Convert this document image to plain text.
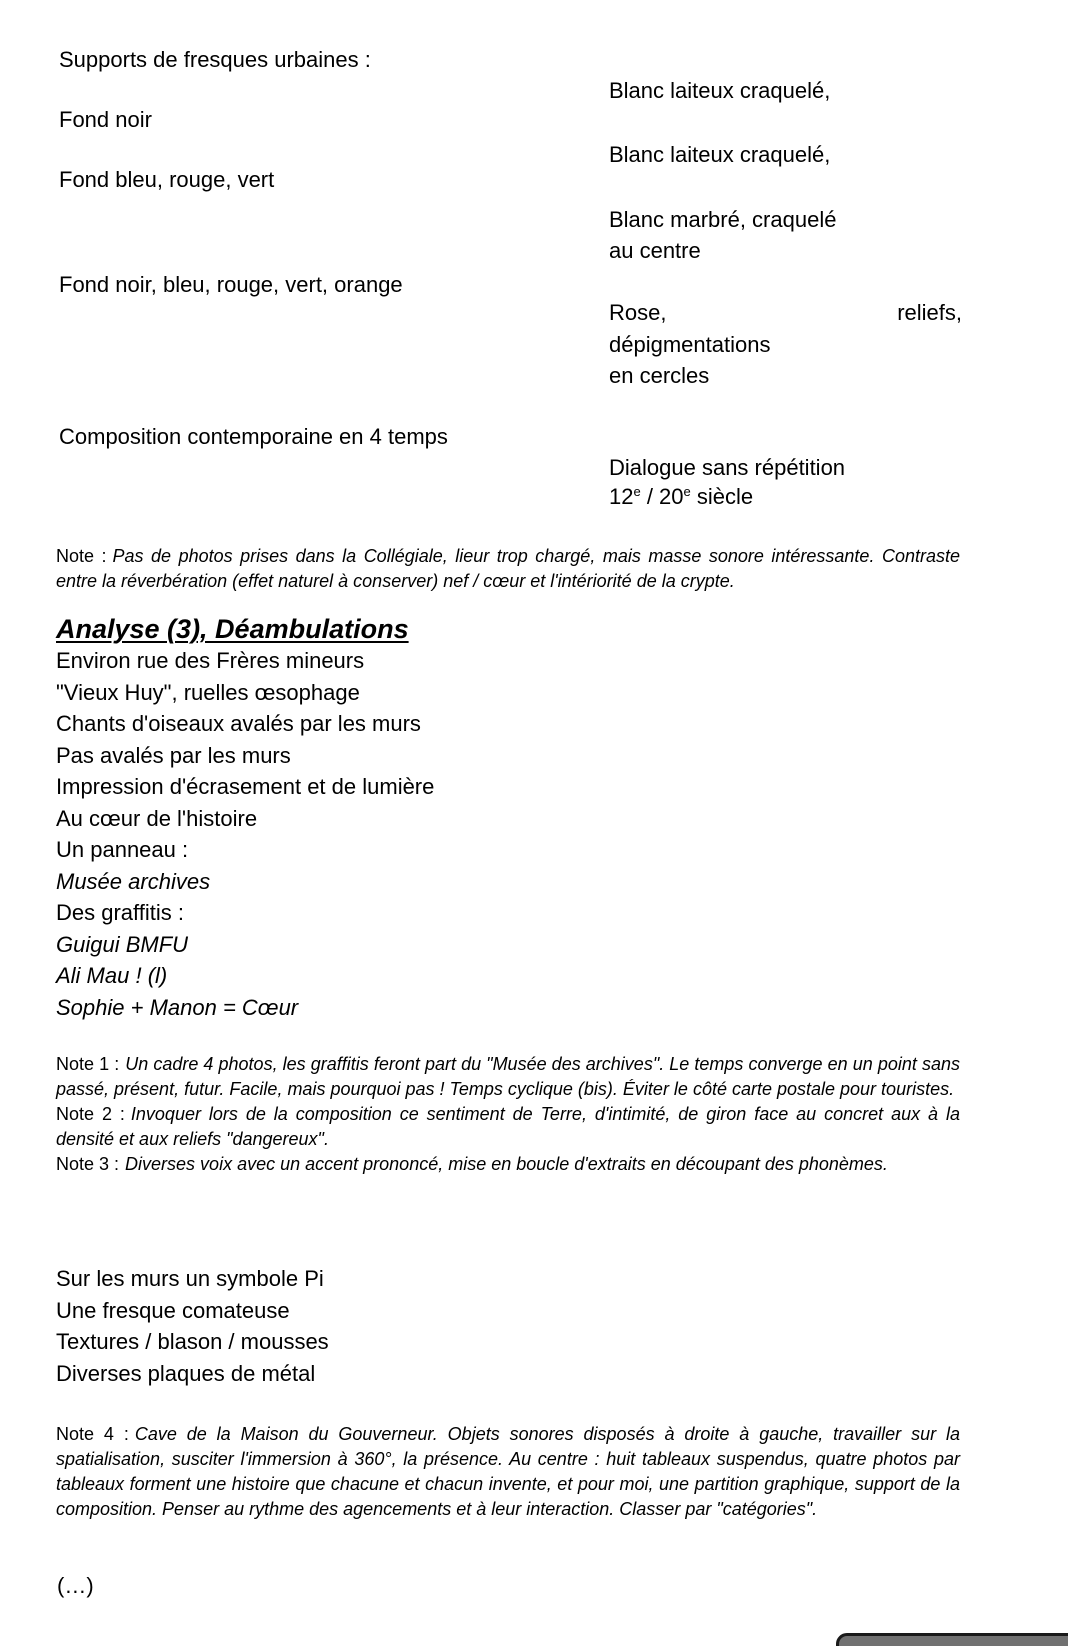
Supports de fresques urbaines :
Fond noir
Fond bleu, rouge, vert
Fond noir, bleu, rouge, vert, orange
Composition contemporaine en 4 temps
Blanc laiteux craquelé,
Blanc laiteux craquelé,
Blanc marbré, craquelé
au centre
Rose,	reliefs,
dépigmentations
en cercles
Dialogue sans répétition
12e / 20e siècle

Note : Pas de photos prises dans la Collégiale, lieur trop chargé, mais masse sonore intéressante. Contraste entre la réverbération (effet naturel à conserver) nef / cœur et l'intériorité de la crypte.

Analyse (3), Déambulations
Environ rue des Frères mineurs
"Vieux Huy", ruelles œsophage
Chants d'oiseaux avalés par les murs
Pas avalés par les murs
Impression d'écrasement et de lumière
Au cœur de l'histoire
Un panneau :
Musée archives
Des graffitis :
Guigui BMFU
Ali Mau ! (l)
Sophie + Manon = Cœur

Note 1 : Un cadre 4 photos, les graffitis feront part du "Musée des archives". Le temps converge en un point sans passé, présent, futur. Facile, mais pourquoi pas ! Temps cyclique (bis). Éviter le côté carte postale pour touristes.

Note 2 : Invoquer lors de la composition ce sentiment de Terre, d'intimité, de giron face au concret aux à la densité et aux reliefs "dangereux".

Note 3 : Diverses voix avec un accent prononcé, mise en boucle d'extraits en découpant des phonèmes.

Sur les murs un symbole Pi
Une fresque comateuse
Textures / blason / mousses
Diverses plaques de métal

Note 4 : Cave de la Maison du Gouverneur. Objets sonores disposés à droite à gauche, travailler sur la spatialisation, susciter l'immersion à 360°, la présence. Au centre : huit tableaux suspendus, quatre photos par tableaux forment une histoire que chacune et chacun invente, et pour moi, une partition graphique, support de la composition. Penser au rythme des agencements et à leur interaction. Classer par "catégories".

(…)
